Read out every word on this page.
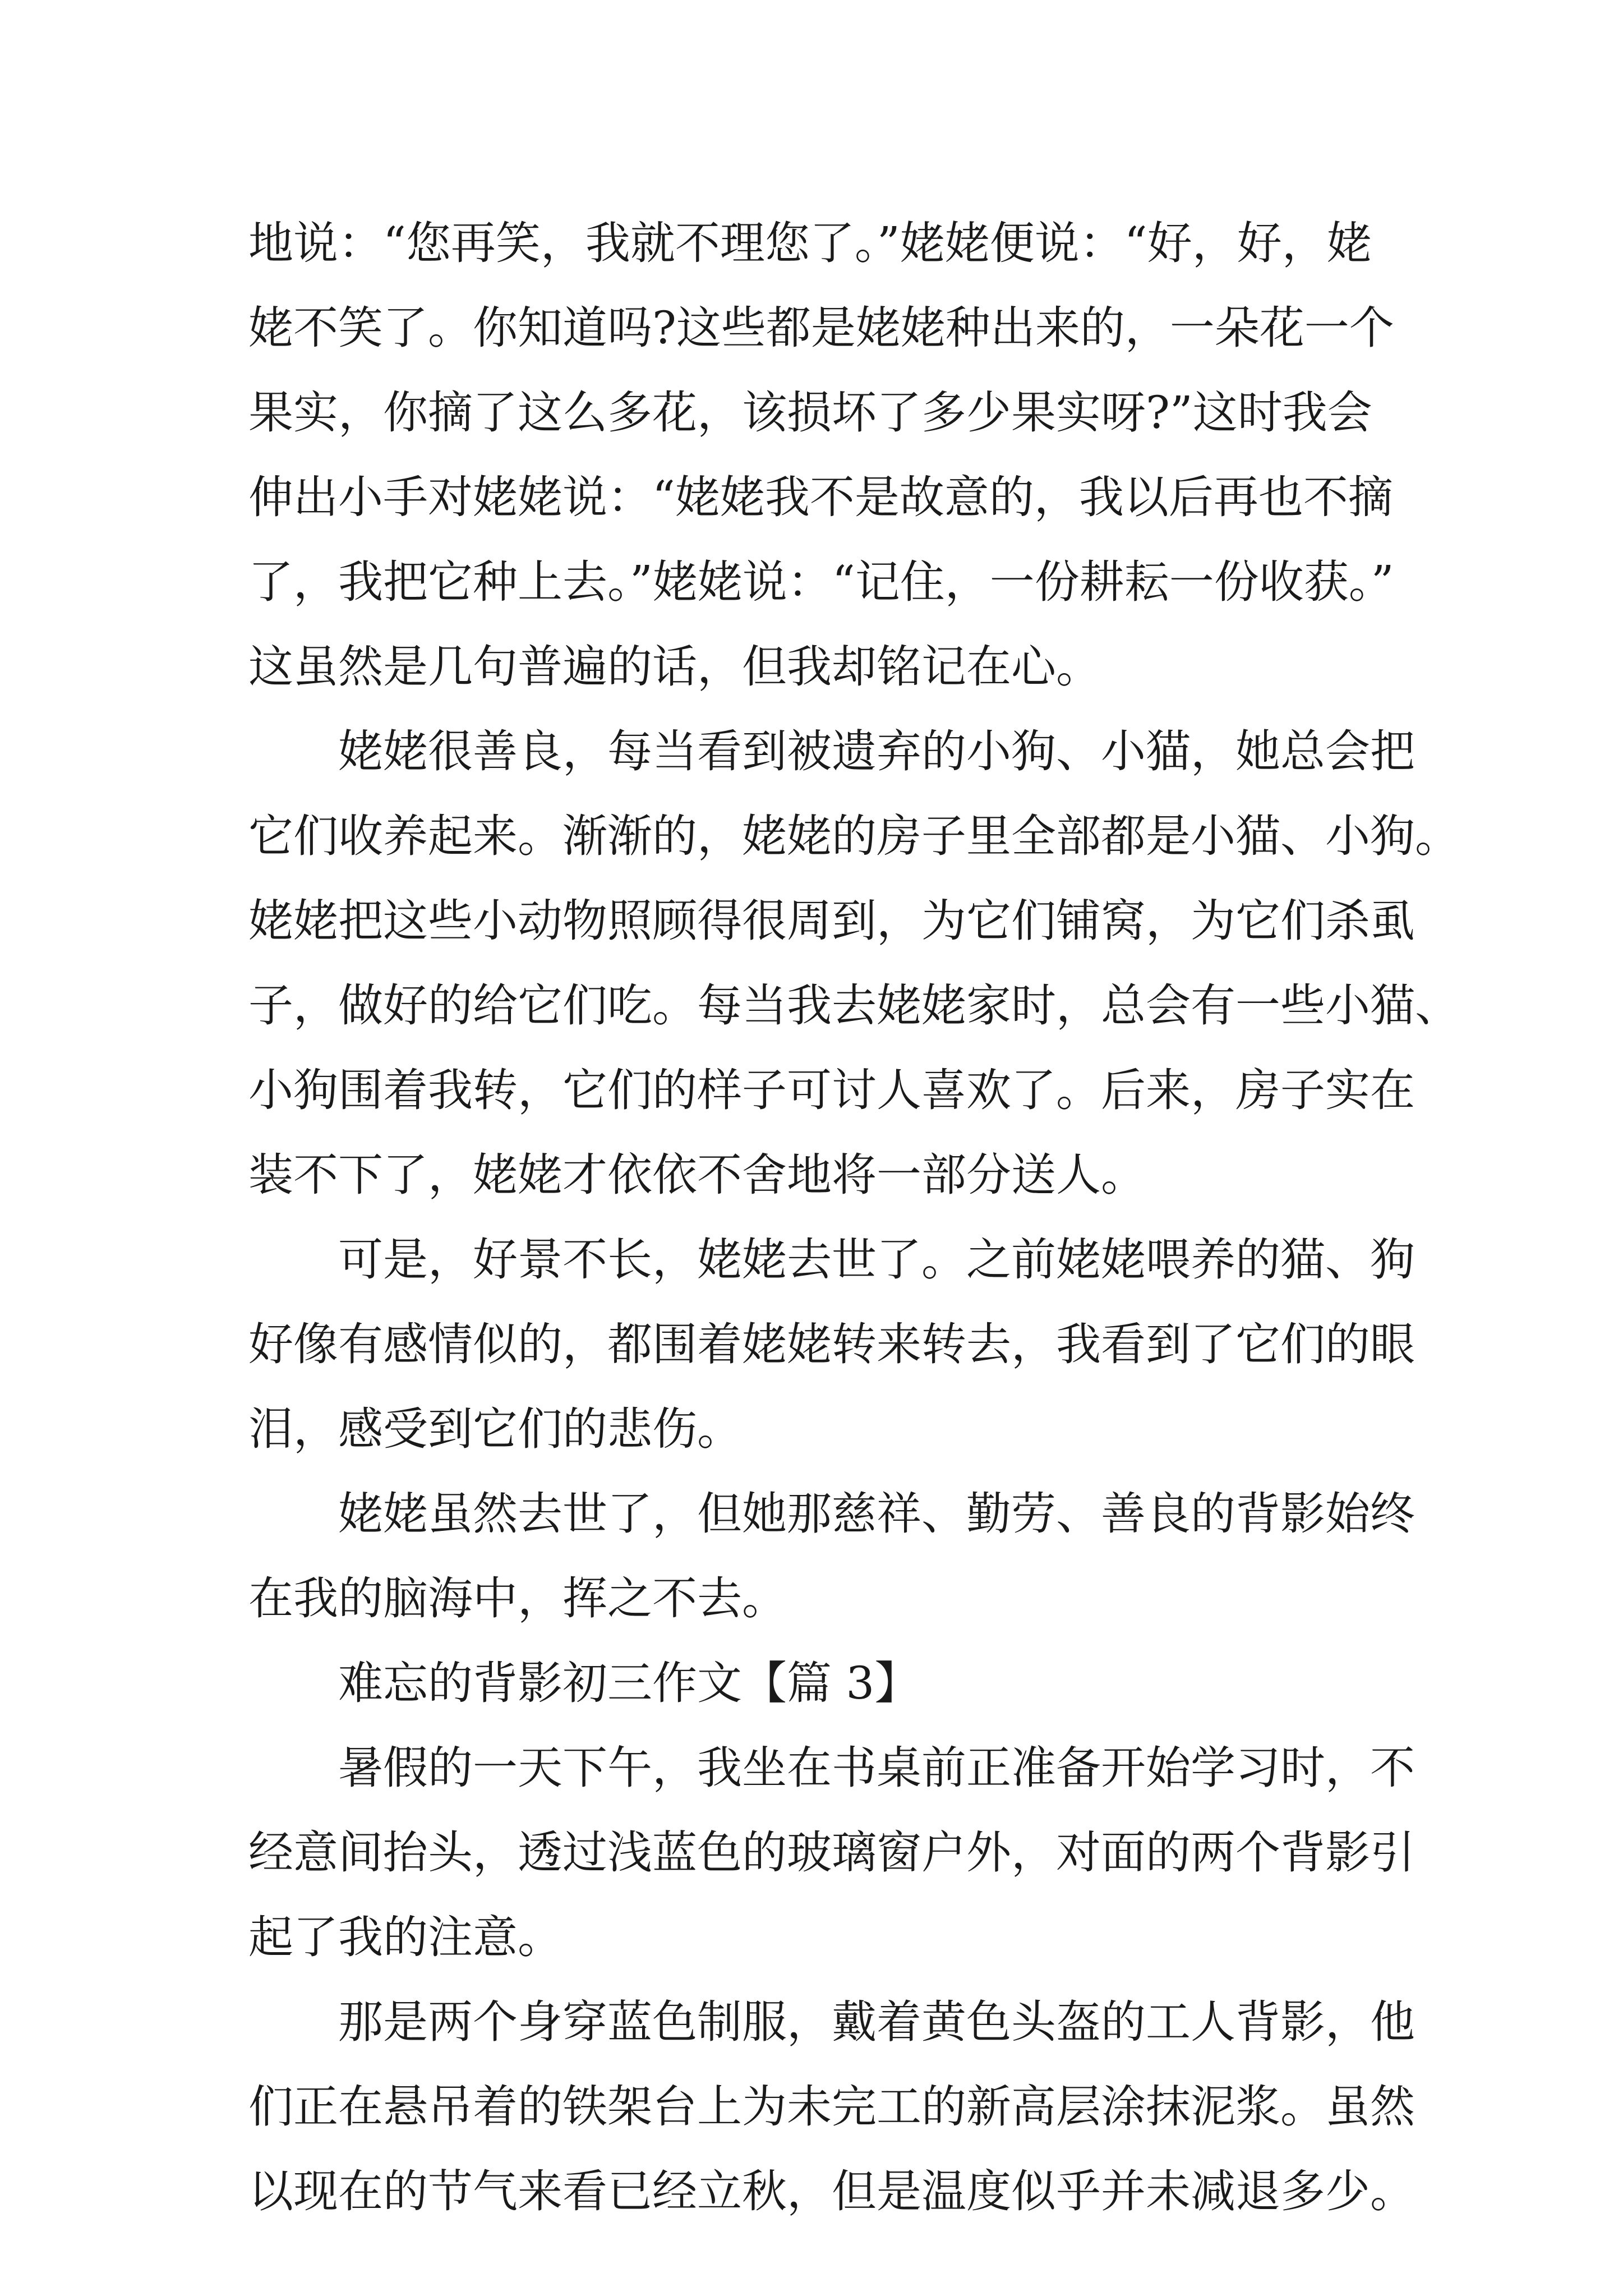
地说：“您再笑，我就不理您了。”姥姥便说：“好，好，姥
姥不笑了。你知道吗?这些都是姥姥种出来的，一朵花一个
果实，你摘了这么多花，该损坏了多少果实呀?”这时我会
伸出小手对姥姥说：“姥姥我不是故意的，我以后再也不摘
了，我把它种上去。”姥姥说：“记住，一份耕耘一份收获。”
这虽然是几句普遍的话，但我却铭记在心。
姥姥很善良，每当看到被遗弃的小狗、小猫，她总会把
它们收养起来。渐渐的，姥姥的房子里全部都是小猫、小狗。
姥姥把这些小动物照顾得很周到，为它们铺窝，为它们杀虱
子，做好的给它们吃。每当我去姥姥家时，总会有一些小猫、
小狗围着我转，它们的样子可讨人喜欢了。后来，房子实在
装不下了，姥姥才依依不舍地将一部分送人。
可是，好景不长，姥姥去世了。之前姥姥喂养的猫、狗
好像有感情似的，都围着姥姥转来转去，我看到了它们的眼
泪，感受到它们的悲伤。
姥姥虽然去世了，但她那慈祥、勤劳、善良的背影始终
在我的脑海中，挥之不去。
难忘的背影初三作文【篇 3】
暑假的一天下午，我坐在书桌前正准备开始学习时，不
经意间抬头，透过浅蓝色的玻璃窗户外，对面的两个背影引
起了我的注意。
那是两个身穿蓝色制服，戴着黄色头盔的工人背影，他
们正在悬吊着的铁架台上为未完工的新高层涂抹泥浆。虽然
以现在的节气来看已经立秋，但是温度似乎并未减退多少。
